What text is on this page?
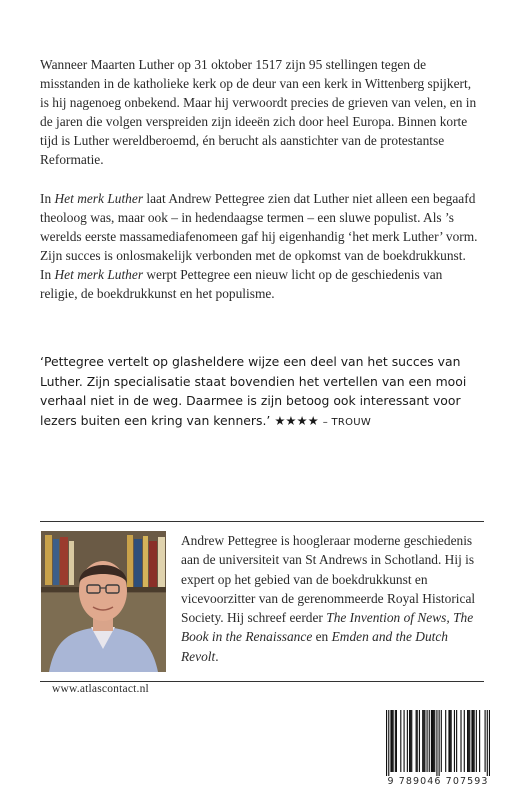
Wanneer Maarten Luther op 31 oktober 1517 zijn 95 stellingen tegen de misstanden in de katholieke kerk op de deur van een kerk in Wittenberg spijkert, is hij nagenoeg onbekend. Maar hij verwoordt precies de grieven van velen, en in de jaren die volgen verspreiden zijn ideeën zich door heel Europa. Binnen korte tijd is Luther wereldberoemd, én berucht als aanstichter van de protestantse Reformatie.

In Het merk Luther laat Andrew Pettegree zien dat Luther niet alleen een begaafd theoloog was, maar ook – in hedendaagse termen – een sluwe populist. Als ’s werelds eerste massamediafenomeen gaf hij eigenhandig ‘het merk Luther’ vorm. Zijn succes is onlosmakelijk verbonden met de opkomst van de boekdrukkunst. In Het merk Luther werpt Pettegree een nieuw licht op de geschiedenis van religie, de boekdrukkunst en het populisme.

‘Pettegree vertelt op glasheldere wijze een deel van het succes van Luther. Zijn specialisatie staat bovendien het vertellen van een mooi verhaal niet in de weg. Daarmee is zijn betoog ook interessant voor lezers buiten een kring van kenners.’ ★★★★ – TROUW
Andrew Pettegree is hoogleraar moderne geschiedenis aan de universiteit van St Andrews in Schotland. Hij is expert op het gebied van de boekdrukkunst en vicevoorzitter van de gerenommeerde Royal Historical Society. Hij schreef eerder The Invention of News, The Book in the Renaissance en Emden and the Dutch Revolt.
www.atlascontact.nl
9 789046 707593
